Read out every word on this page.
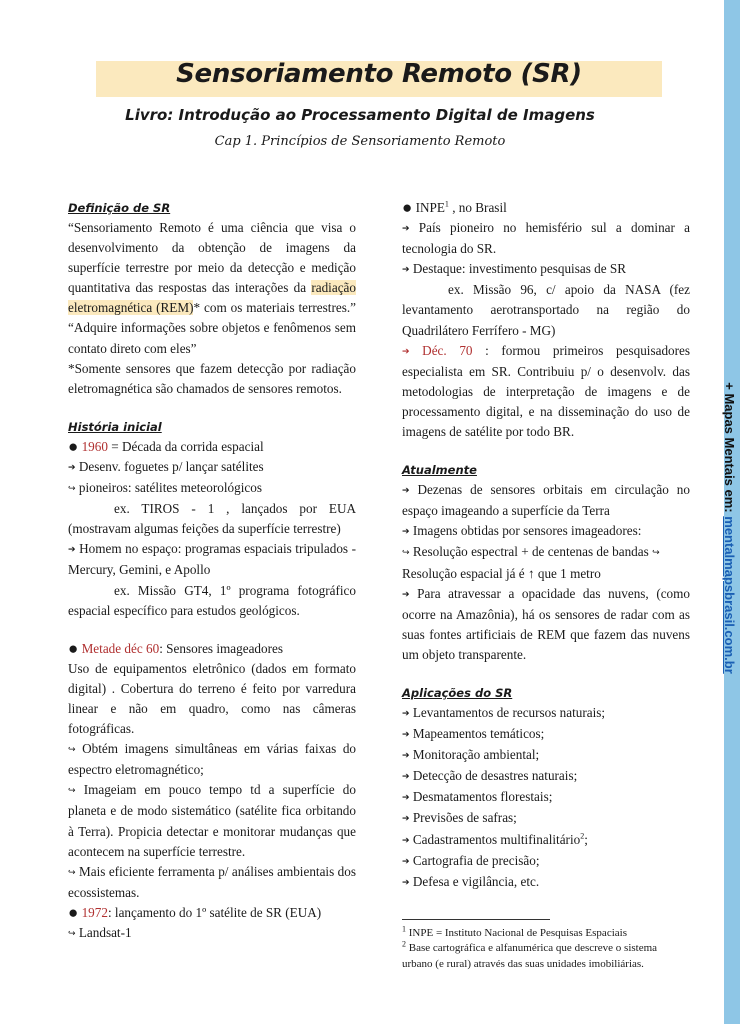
+ Mapas Mentais em: mentalmapsbrasil.com.br
Sensoriamento Remoto (SR)
Livro: Introdução ao Processamento Digital de Imagens
Cap 1. Princípios de Sensoriamento Remoto

Definição de SR

“Sensoriamento Remoto é uma ciência que visa o desenvolvimento da obtenção de imagens da superfície terrestre por meio da detecção e medição quantitativa das respostas das interações da radiação eletromagnética (REM)* com os materiais terrestres.” “Adquire informações sobre objetos e fenômenos sem contato direto com eles”

*Somente sensores que fazem detecção por radiação eletromagnética são chamados de sensores remotos.

História inicial

● 1960 = Década da corrida espacial

➔ Desenv. foguetes p/ lançar satélites

↪ pioneiros: satélites meteorológicos

ex. TIROS - 1 , lançados por EUA (mostravam algumas feições da superfície terrestre)

➔ Homem no espaço: programas espaciais tripulados - Mercury, Gemini, e Apollo

ex. Missão GT4, 1º programa fotográfico espacial específico para estudos geológicos.

● Metade déc 60: Sensores imageadores

Uso de equipamentos eletrônico (dados em formato digital) . Cobertura do terreno é feito por varredura linear e não em quadro, como nas câmeras fotográficas.

↪ Obtém imagens simultâneas em várias faixas do espectro eletromagnético;

↪ Imageiam em pouco tempo td a superfície do planeta e de modo sistemático (satélite fica orbitando à Terra). Propicia detectar e monitorar mudanças que acontecem na superfície terrestre.

↪ Mais eficiente ferramenta p/ análises ambientais dos ecossistemas.

● 1972: lançamento do 1º satélite de SR (EUA)

↪ Landsat-1

● INPE$^1$ , no Brasil

➔ País pioneiro no hemisfério sul a dominar a tecnologia do SR.

➔ Destaque: investimento pesquisas de SR

ex. Missão 96, c/ apoio da NASA (fez levantamento aerotransportado na região do Quadrilátero Ferrífero - MG)

➔ Déc. 70 : formou primeiros pesquisadores especialista em SR. Contribuiu p/ o desenvolv. das metodologias de interpretação de imagens e de processamento digital, e na disseminação do uso de imagens de satélite por todo BR.

Atualmente

➔ Dezenas de sensores orbitais em circulação no espaço imageando a superfície da Terra

➔ Imagens obtidas por sensores imageadores:

↪ Resolução espectral + de centenas de bandas ↪

Resolução espacial já é ↑ que 1 metro

➔ Para atravessar a opacidade das nuvens, (como ocorre na Amazônia), há os sensores de radar com as suas fontes artificiais de REM que fazem das nuvens um objeto transparente.

Aplicações do SR

➔ Levantamentos de recursos naturais;

➔ Mapeamentos temáticos;

➔ Monitoração ambiental;

➔ Detecção de desastres naturais;

➔ Desmatamentos florestais;

➔ Previsões de safras;

➔ Cadastramentos multifinalitário$^2$;

➔ Cartografia de precisão;

➔ Defesa e vigilância, etc.

$^1$ INPE = Instituto Nacional de Pesquisas Espaciais

$^2$ Base cartográfica e alfanumérica que descreve o sistema urbano (e rural) através das suas unidades imobiliárias.
